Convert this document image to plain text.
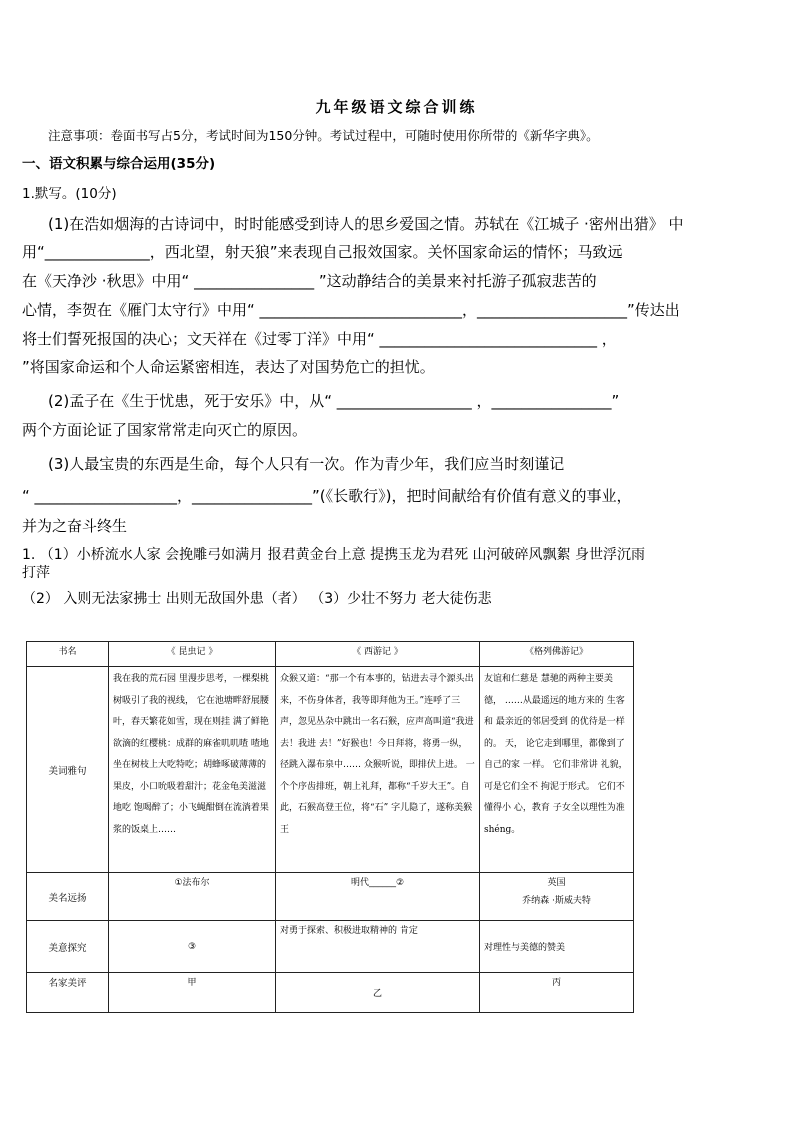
九年级语文综合训练
注意事项：卷面书写占5分，考试时间为150分钟。考试过程中，可随时使用你所带的《新华字典》。
一、语文积累与综合运用(35分)
1.默写。(10分)
(1)在浩如烟海的古诗词中，时时能感受到诗人的思乡爱国之情。苏轼在《江城子 ·密州出猎》 中
用“______________，西北望，射天狼”来表现自己报效国家。关怀国家命运的情怀；马致远
在《天净沙 ·秋思》中用“ ________________ ”这动静结合的美景来衬托游子孤寂悲苦的
心情，李贺在《雁门太守行》中用“ ___________________________，____________________”传达出
将士们誓死报国的决心；文天祥在《过零丁洋》中用“ _____________________________ ，
”将国家命运和个人命运紧密相连，表达了对国势危亡的担忧。
(2)孟子在《生于忧患，死于安乐》中，从“ __________________ ，________________”
两个方面论证了国家常常走向灭亡的原因。
(3)人最宝贵的东西是生命，每个人只有一次。作为青少年，我们应当时刻谨记
“ ___________________，________________”(《长歌行》)，把时间献给有价值有意义的事业，
并为之奋斗终生
1. （1）小桥流水人家 会挽雕弓如满月 报君黄金台上意 提携玉龙为君死 山河破碎风飘絮 身世浮沉雨
打萍
（2） 入则无法家拂士 出则无敌国外患（者） （3）少壮不努力 老大徒伤悲
书名	《 昆虫记 》	《 西游记 》	《格列佛游记》
美词雅句	我在我的荒石园 里漫步思考，一棵梨桃 树吸引了我的视线， 它在池塘畔舒展腰叶，春天繁花如雪，现在则挂 满了鲜艳欲滴的红樱桃：成群的麻雀叽叽喳 喳地坐在树枝上大吃特吃；胡蜂啄破薄薄的果皮，小口吮吸着甜汁；花金龟美滋滋地吃 饱喝醉了；小飞蝇酣倒在流淌着果浆的饭桌上……	众猴又道：“那一个有本事的，钻进去寻个源头出来，不伤身体者，我等即拜他为王。”连呼了三声，忽见丛杂中跳出一名石猴，应声高叫道“我进去！我进 去！”好猴也！今日拜将，将勇一纵， 径跳入瀑布泉中…… 众猴听说，即排伏上进。 一个个序齿排班，朝上礼拜，都称“千岁大王”。自此，石猴高登王位，将“石” 字儿隐了，遂称美猴王	友谊和仁慈是 慧驰的两种主要美 德， ……从最遥远的地方来的 生客和 最亲近的邻居受到 的优待是一样的。 天， 论它走到哪里，都像到了自己的家 一样。 它们非常讲 礼貌， 可是它们全不 拘泥于形式。 它们不懂得小 心，教育 子女全以理性为准 shénɡ。
美名远扬	①法布尔	明代______②	英国
乔纳森 ·斯威夫特

美意探究	③	对勇于探索、积极进取精神的 肯定	对理性与美德的赞美
名家美评	甲	乙	丙
